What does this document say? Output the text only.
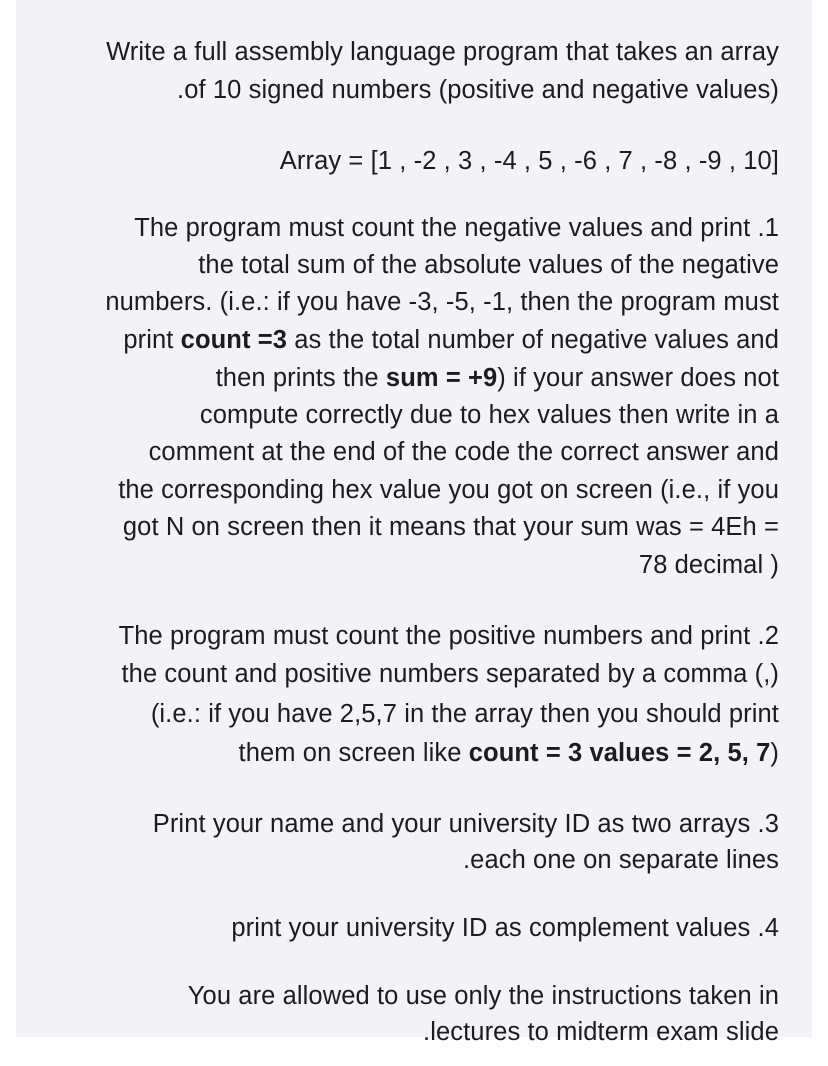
Write a full assembly language program that takes an array
.of 10 signed numbers (positive and negative values)
Array = [1 , -2 , 3 , -4 , 5 , -6 , 7 , -8 , -9 , 10]
The program must count the negative values and print .1
the total sum of the absolute values of the negative
numbers. (i.e.: if you have -3, -5, -1, then the program must
print count =3 as the total number of negative values and
then prints the sum = +9) if your answer does not
compute correctly due to hex values then write in a
comment at the end of the code the correct answer and
the corresponding hex value you got on screen (i.e., if you
got N on screen then it means that your sum was = 4Eh =
78 decimal )
The program must count the positive numbers and print .2
the count and positive numbers separated by a comma (,)
(i.e.: if you have 2,5,7 in the array then you should print
them on screen like count = 3 values = 2, 5, 7)
Print your name and your university ID as two arrays .3
.each one on separate lines
print your university ID as complement values .4
You are allowed to use only the instructions taken in
.lectures to midterm exam slide
